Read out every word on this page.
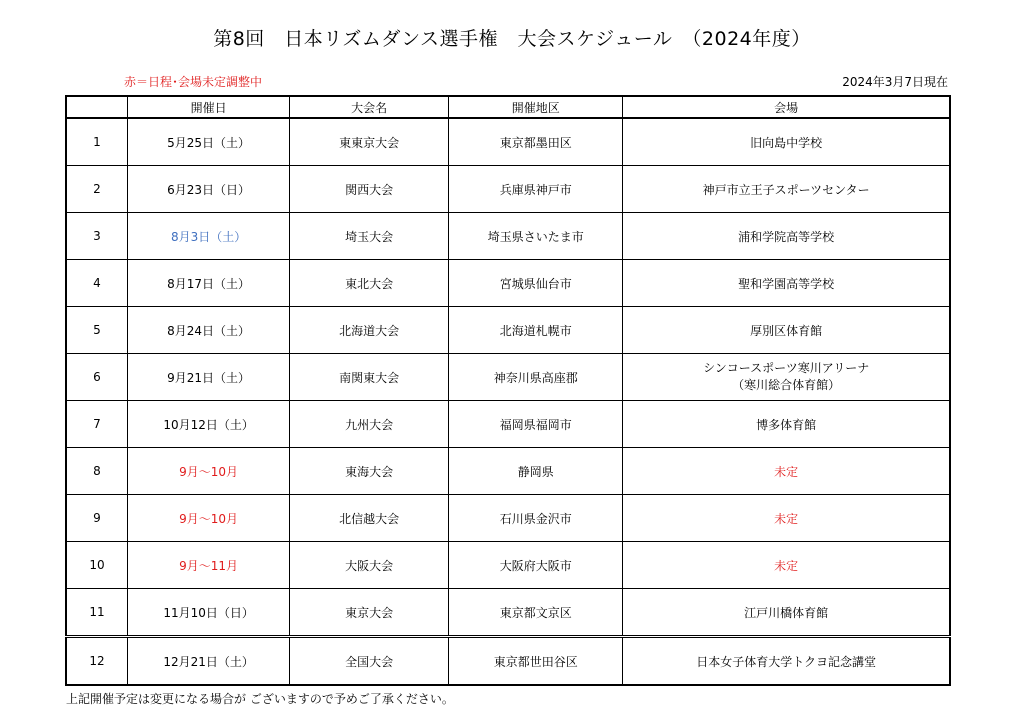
第8回　日本リズムダンス選手権　大会スケジュール　（2024年度）
赤＝日程･会場未定調整中	2024年3月7日現在
	開催日	大会名	開催地区	会場
1	5月25日（土）	東東京大会	東京都墨田区	旧向島中学校
2	6月23日（日）	関西大会	兵庫県神戸市	神戸市立王子スポーツセンター
3	8月3日（土）	埼玉大会	埼玉県さいたま市	浦和学院高等学校
4	8月17日（土）	東北大会	宮城県仙台市	聖和学園高等学校
5	8月24日（土）	北海道大会	北海道札幌市	厚別区体育館
6	9月21日（土）	南関東大会	神奈川県高座郡	シンコースポーツ寒川アリーナ
（寒川総合体育館）

7	10月12日（土）	九州大会	福岡県福岡市	博多体育館
8	9月～10月	東海大会	静岡県	未定
9	9月～10月	北信越大会	石川県金沢市	未定
10	9月～11月	大阪大会	大阪府大阪市	未定
11	11月10日（日）	東京大会	東京都文京区	江戸川橋体育館
12	12月21日（土）	全国大会	東京都世田谷区	日本女子体育大学トクヨ記念講堂
上記開催予定は変更になる場合が ございますので予めご了承ください。
